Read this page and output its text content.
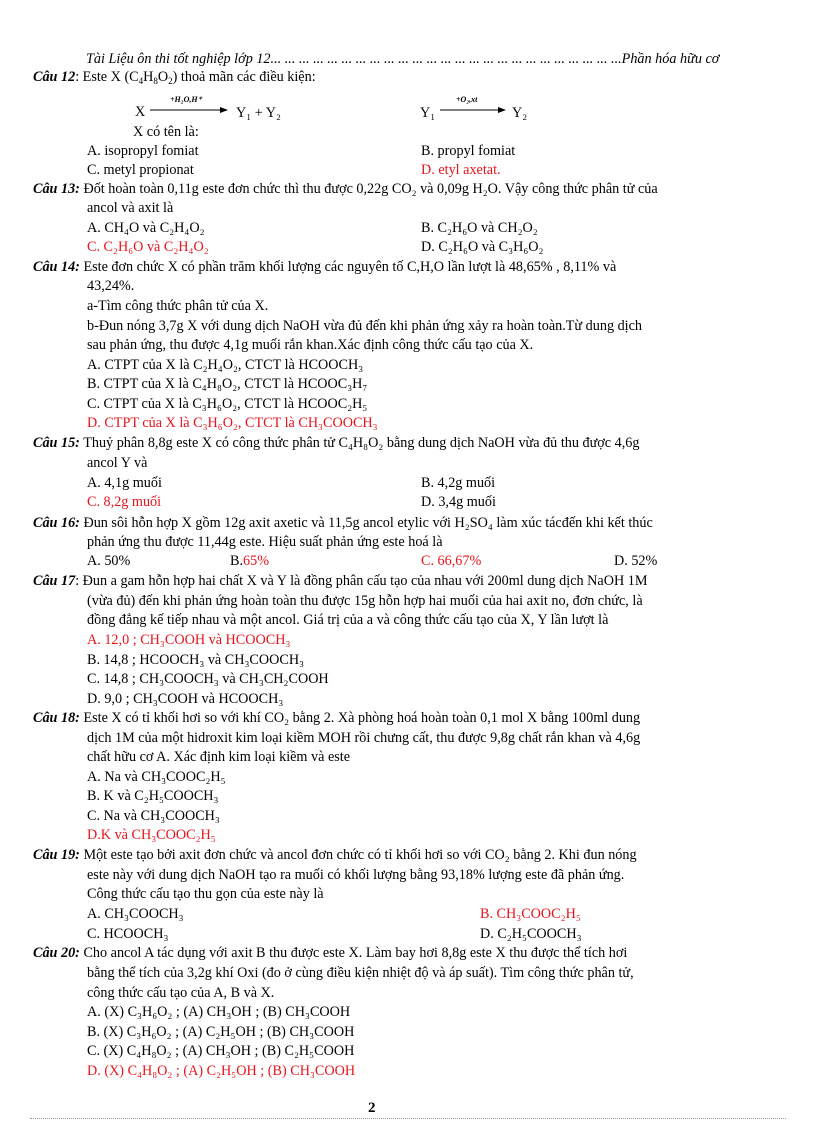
Tài Liệu ôn thi tốt nghiệp lớp 12... ... ... ... ... ... ... ... ... ... ... ... ... ... ... ... ... ... ... ... ... ... ... ... ...Phần hóa hữu cơ
Câu 12: Este X $(C_4H_8O_2)$ thoả mãn các điều kiện:
X
+H₂O,H⁺
Y₁ + Y₂	Y₁
+O₂,xt
Y₂
X có tên là:
A. isopropyl fomiat	B. propyl fomiat
C. metyl propionat	D. etyl axetat.
Câu 13: Đốt hoàn toàn 0,11g este đơn chức thì thu được 0,22g CO₂ và 0,09g H₂O. Vậy công thức phân tử của
ancol và axit là
A. CH₄O và C₂H₄O₂	B. C₂H₆O và CH₂O₂
C. C₂H₆O và C₂H₄O₂	D. C₂H₆O và C₃H₆O₂
Câu 14: Este đơn chức X có phần trăm khối lượng các nguyên tố C,H,O lần lượt là 48,65% , 8,11% và
43,24%.
a-Tìm công thức phân tử của X.
b-Đun nóng 3,7g X với dung dịch NaOH vừa đủ đến khi phản ứng xảy ra hoàn toàn.Từ dung dịch
sau phản ứng, thu được 4,1g muối rắn khan.Xác định công thức cấu tạo của X.
A. CTPT của X là C₂H₄O₂, CTCT là HCOOCH₃
B. CTPT của X là C₄H₈O₂, CTCT là HCOOC₃H₇
C. CTPT của X là C₃H₆O₂, CTCT là HCOOC₂H₅
D. CTPT của X là C₃H₆O₂, CTCT là CH₃COOCH₃
Câu 15: Thuỷ phân 8,8g este X có công thức phân tử C₄H₈O₂ bằng dung dịch NaOH vừa đủ thu được 4,6g
ancol Y và
A. 4,1g muối	B. 4,2g muối
C. 8,2g muối	D. 3,4g muối
Câu 16: Đun sôi hỗn hợp X gồm 12g axit axetic và 11,5g ancol etylic với H₂SO₄ làm xúc tácđến khi kết thúc
phản ứng thu được 11,44g este. Hiệu suất phản ứng este hoá là
A. 50%	B.65%	C. 66,67%	D. 52%
Câu 17: Đun a gam hỗn hợp hai chất X và Y là đồng phân cấu tạo của nhau với 200ml dung dịch NaOH 1M
(vừa đủ) đến khi phản ứng hoàn toàn thu được 15g hỗn hợp hai muối của hai axit no, đơn chức, là
đồng đẳng kế tiếp nhau và một ancol. Giá trị của a và công thức cấu tạo của X, Y lần lượt là
A. 12,0 ; CH₃COOH và HCOOCH₃
B. 14,8 ; HCOOCH₃ và CH₃COOCH₃
C. 14,8 ; CH₃COOCH₃ và CH₃CH₂COOH
D. 9,0 ; CH₃COOH và HCOOCH₃
Câu 18: Este X có tỉ khối hơi so với khí CO₂ bằng 2. Xà phòng hoá hoàn toàn 0,1 mol X bằng 100ml dung
dịch 1M của một hidroxit kim loại kiềm MOH rồi chưng cất, thu được 9,8g chất rắn khan và 4,6g
chất hữu cơ A. Xác định kim loại kiềm và este
A. Na và CH₃COOC₂H₅
B. K và C₂H₅COOCH₃
C. Na và CH₃COOCH₃
D.K và CH₃COOC₂H₅
Câu 19: Một este tạo bởi axit đơn chức và ancol đơn chức có tỉ khối hơi so với CO₂ bằng 2. Khi đun nóng
este này với dung dịch NaOH tạo ra muối có khối lượng bằng 93,18% lượng este đã phản ứng.
Công thức cấu tạo thu gọn của este này là
A. CH₃COOCH₃	B. CH₃COOC₂H₅
C. HCOOCH₃	D. C₂H₅COOCH₃
Câu 20: Cho ancol A tác dụng với axit B thu được este X. Làm bay hơi 8,8g este X thu được thể tích hơi
bằng thể tích của 3,2g khí Oxi (đo ở cùng điều kiện nhiệt độ và áp suất). Tìm công thức phân tử,
công thức cấu tạo của A, B và X.
A. (X) C₃H₆O₂ ; (A) CH₃OH ; (B) CH₃COOH
B. (X) C₃H₆O₂ ; (A) C₂H₅OH ; (B) CH₃COOH
C. (X) C₄H₈O₂ ; (A) CH₃OH ; (B) C₂H₅COOH
D. (X) C₄H₈O₂ ; (A) C₂H₅OH ; (B) CH₃COOH
2
